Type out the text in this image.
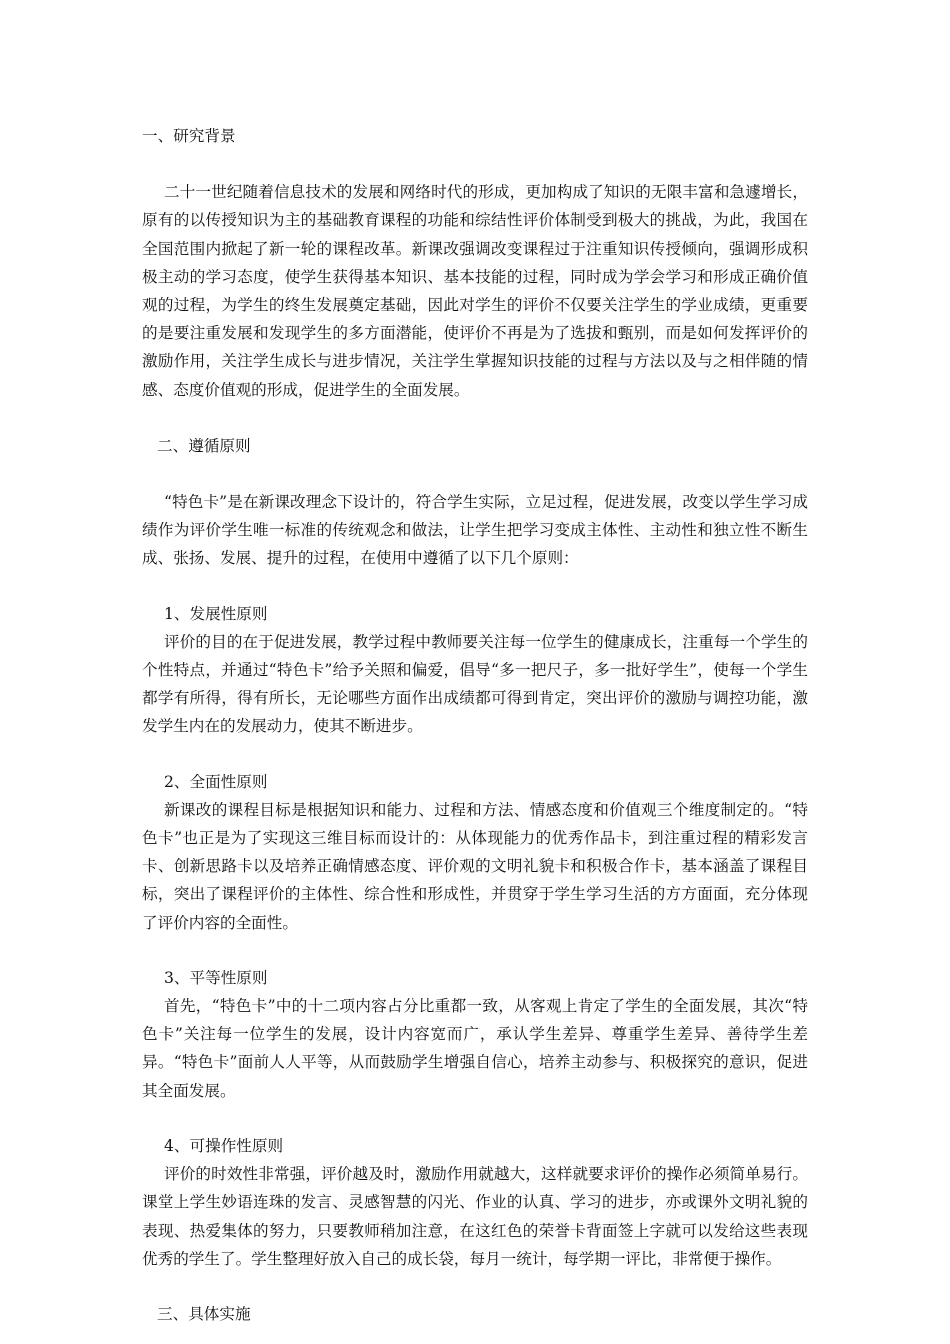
一、研究背景

二十一世纪随着信息技术的发展和网络时代的形成，更加构成了知识的无限丰富和急遽增长，原有的以传授知识为主的基础教育课程的功能和综结性评价体制受到极大的挑战，为此，我国在全国范围内掀起了新一轮的课程改革。新课改强调改变课程过于注重知识传授倾向，强调形成积极主动的学习态度，使学生获得基本知识、基本技能的过程，同时成为学会学习和形成正确价值观的过程，为学生的终生发展奠定基础，因此对学生的评价不仅要关注学生的学业成绩，更重要的是要注重发展和发现学生的多方面潜能，使评价不再是为了选拔和甄别，而是如何发挥评价的激励作用，关注学生成长与进步情况，关注学生掌握知识技能的过程与方法以及与之相伴随的情感、态度价值观的形成，促进学生的全面发展。

二、遵循原则

“特色卡”是在新课改理念下设计的，符合学生实际，立足过程，促进发展，改变以学生学习成绩作为评价学生唯一标准的传统观念和做法，让学生把学习变成主体性、主动性和独立性不断生成、张扬、发展、提升的过程，在使用中遵循了以下几个原则：

1、发展性原则

评价的目的在于促进发展，教学过程中教师要关注每一位学生的健康成长，注重每一个学生的个性特点，并通过“特色卡”给予关照和偏爱，倡导“多一把尺子，多一批好学生”，使每一个学生都学有所得，得有所长，无论哪些方面作出成绩都可得到肯定，突出评价的激励与调控功能，激发学生内在的发展动力，使其不断进步。

2、全面性原则

新课改的课程目标是根据知识和能力、过程和方法、情感态度和价值观三个维度制定的。“特色卡”也正是为了实现这三维目标而设计的：从体现能力的优秀作品卡，到注重过程的精彩发言卡、创新思路卡以及培养正确情感态度、评价观的文明礼貌卡和积极合作卡，基本涵盖了课程目标，突出了课程评价的主体性、综合性和形成性，并贯穿于学生学习生活的方方面面，充分体现了评价内容的全面性。

3、平等性原则

首先，“特色卡”中的十二项内容占分比重都一致，从客观上肯定了学生的全面发展，其次“特色卡”关注每一位学生的发展，设计内容宽而广，承认学生差异、尊重学生差异、善待学生差异。“特色卡”面前人人平等，从而鼓励学生增强自信心，培养主动参与、积极探究的意识，促进其全面发展。

4、可操作性原则

评价的时效性非常强，评价越及时，激励作用就越大，这样就要求评价的操作必须简单易行。课堂上学生妙语连珠的发言、灵感智慧的闪光、作业的认真、学习的进步，亦或课外文明礼貌的表现、热爱集体的努力，只要教师稍加注意，在这红色的荣誉卡背面签上字就可以发给这些表现优秀的学生了。学生整理好放入自己的成长袋，每月一统计，每学期一评比，非常便于操作。

三、具体实施
